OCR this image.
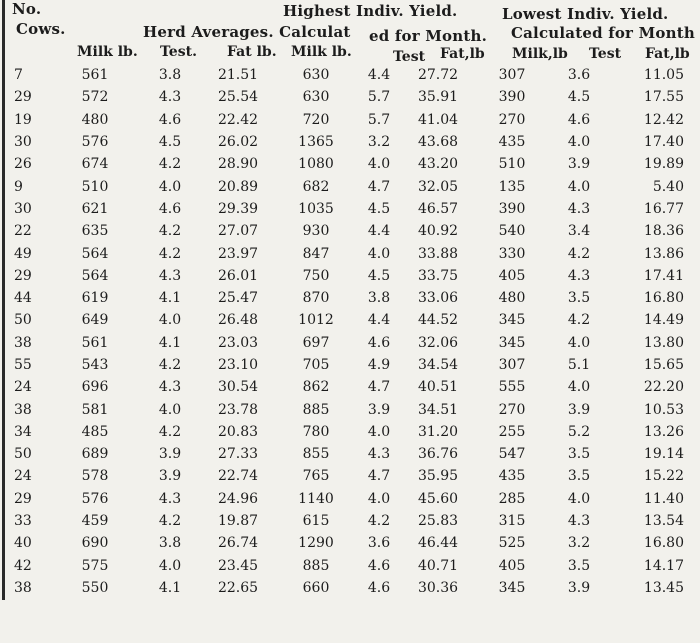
No.
Cows.
Highest Indiv. Yield.	Lowest Indiv. Yield.
Herd Averages. Calculat ed for Month. Calculated for Month
Milk lb. Test. Fat lb. Milk lb.	Test Fat,lb Milk,lb Test Fat,lb
7	561	3.8	21.51	630	4.4	27.72	307	3.6	11.05
29	572	4.3	25.54	630	5.7	35.91	390	4.5	17.55
19	480	4.6	22.42	720	5.7	41.04	270	4.6	12.42
30	576	4.5	26.02	1365	3.2	43.68	435	4.0	17.40
26	674	4.2	28.90	1080	4.0	43.20	510	3.9	19.89
9	510	4.0	20.89	682	4.7	32.05	135	4.0	5.40
30	621	4.6	29.39	1035	4.5	46.57	390	4.3	16.77
22	635	4.2	27.07	930	4.4	40.92	540	3.4	18.36
49	564	4.2	23.97	847	4.0	33.88	330	4.2	13.86
29	564	4.3	26.01	750	4.5	33.75	405	4.3	17.41
44	619	4.1	25.47	870	3.8	33.06	480	3.5	16.80
50	649	4.0	26.48	1012	4.4	44.52	345	4.2	14.49
38	561	4.1	23.03	697	4.6	32.06	345	4.0	13.80
55	543	4.2	23.10	705	4.9	34.54	307	5.1	15.65
24	696	4.3	30.54	862	4.7	40.51	555	4.0	22.20
38	581	4.0	23.78	885	3.9	34.51	270	3.9	10.53
34	485	4.2	20.83	780	4.0	31.20	255	5.2	13.26
50	689	3.9	27.33	855	4.3	36.76	547	3.5	19.14
24	578	3.9	22.74	765	4.7	35.95	435	3.5	15.22
29	576	4.3	24.96	1140	4.0	45.60	285	4.0	11.40
33	459	4.2	19.87	615	4.2	25.83	315	4.3	13.54
40	690	3.8	26.74	1290	3.6	46.44	525	3.2	16.80
42	575	4.0	23.45	885	4.6	40.71	405	3.5	14.17
38	550	4.1	22.65	660	4.6	30.36	345	3.9	13.45
